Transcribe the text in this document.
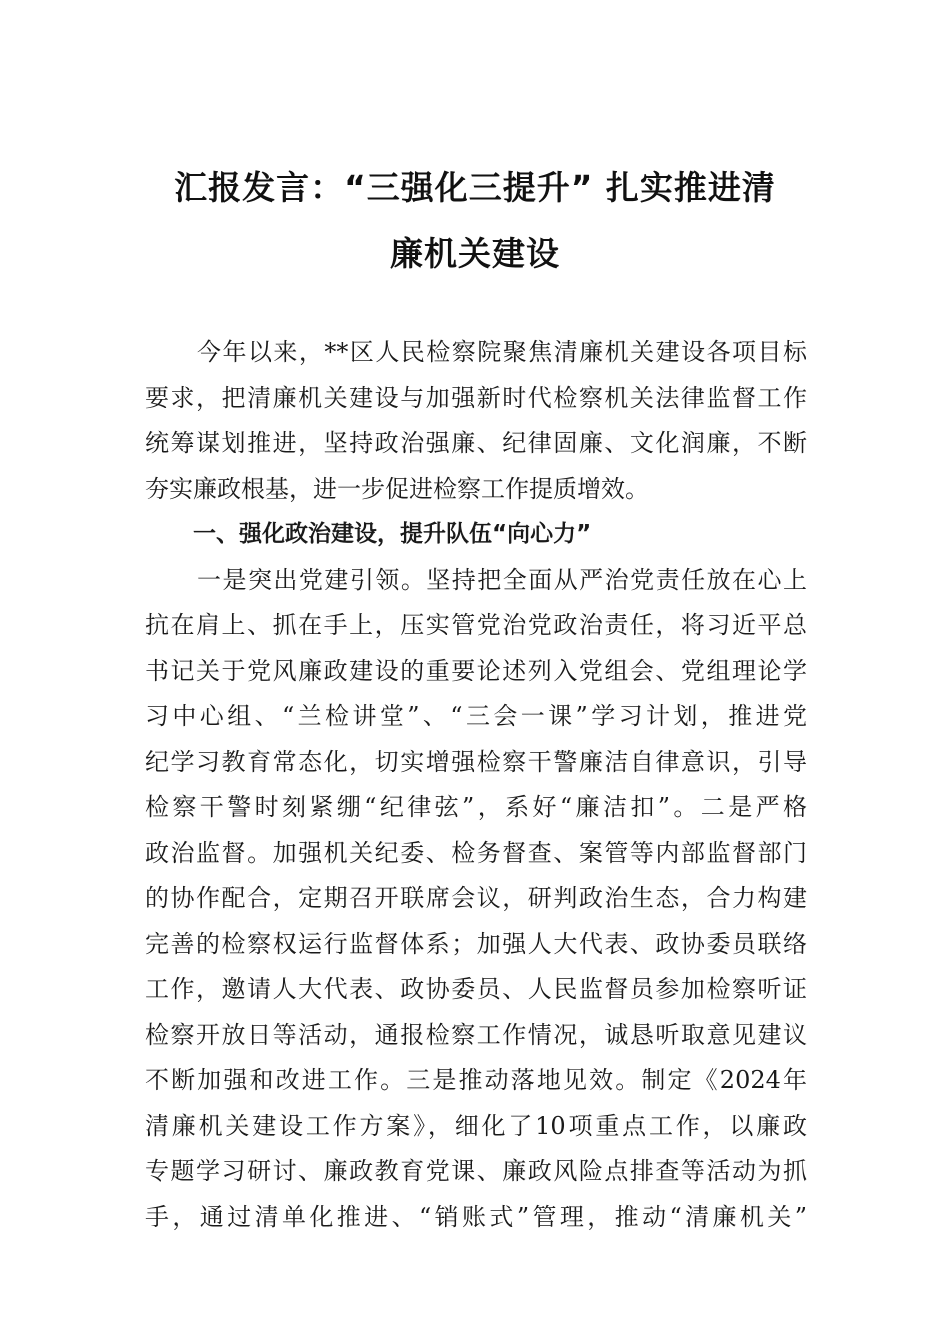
汇报发言：“三强化三提升” 扎实推进清
廉机关建设
今年以来，**区人民检察院聚焦清廉机关建设各项目标
要求，把清廉机关建设与加强新时代检察机关法律监督工作
统筹谋划推进，坚持政治强廉、纪律固廉、文化润廉，不断
夯实廉政根基，进一步促进检察工作提质增效。
一、强化政治建设，提升队伍“向心力”
一是突出党建引领。坚持把全面从严治党责任放在心上
抗在肩上、抓在手上，压实管党治党政治责任，将习近平总
书记关于党风廉政建设的重要论述列入党组会、党组理论学
习中心组、“兰检讲堂”、“三会一课”学习计划，推进党
纪学习教育常态化，切实增强检察干警廉洁自律意识，引导
检察干警时刻紧绷“纪律弦”，系好“廉洁扣”。二是严格
政治监督。加强机关纪委、检务督查、案管等内部监督部门
的协作配合，定期召开联席会议，研判政治生态，合力构建
完善的检察权运行监督体系；加强人大代表、政协委员联络
工作，邀请人大代表、政协委员、人民监督员参加检察听证
检察开放日等活动，通报检察工作情况，诚恳听取意见建议
不断加强和改进工作。三是推动落地见效。制定《2024年
清廉机关建设工作方案》，细化了10项重点工作，以廉政
专题学习研讨、廉政教育党课、廉政风险点排查等活动为抓
手，通过清单化推进、“销账式”管理，推动“清廉机关”
